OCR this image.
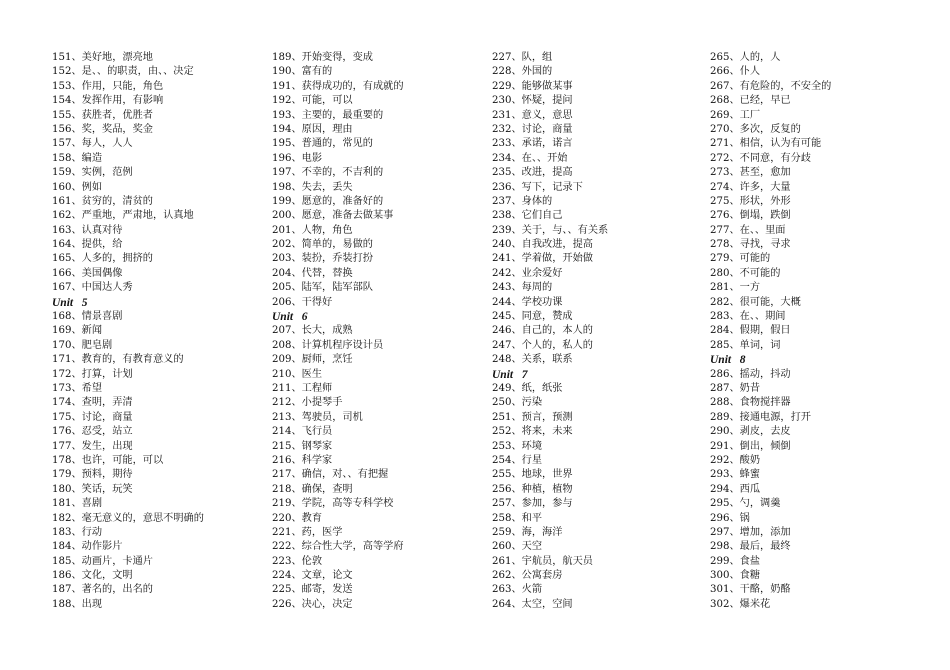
151、美好地，漂亮地
152、是、、的职责，由、、决定
153、作用，只能，角色
154、发挥作用，有影响
155、获胜者，优胜者
156、奖，奖品，奖金
157、每人，人人
158、编造
159、实例，范例
160、例如
161、贫穷的，清贫的
162、严重地，严肃地，认真地
163、认真对待
164、提供，给
165、人多的，拥挤的
166、美国偶像
167、中国达人秀
Unit   5
168、情景喜剧
169、新闻
170、肥皂剧
171、教育的，有教育意义的
172、打算，计划
173、希望
174、查明，弄清
175、讨论，商量
176、忍受，站立
177、发生，出现
178、也许，可能，可以
179、预料，期待
180、笑话，玩笑
181、喜剧
182、毫无意义的，意思不明确的
183、行动
184、动作影片
185、动画片，卡通片
186、文化，文明
187、著名的，出名的
188、出现
189、开始变得，变成
190、富有的
191、获得成功的，有成就的
192、可能，可以
193、主要的，最重要的
194、原因，理由
195、普通的，常见的
196、电影
197、不幸的，不吉利的
198、失去，丢失
199、愿意的，准备好的
200、愿意，准备去做某事
201、人物，角色
202、简单的，易做的
203、装扮，乔装打扮
204、代替，替换
205、陆军，陆军部队
206、干得好
Unit   6
207、长大，成熟
208、计算机程序设计员
209、厨师，烹饪
210、医生
211、工程师
212、小提琴手
213、驾驶员，司机
214、飞行员
215、钢琴家
216、科学家
217、确信，对、、有把握
218、确保，查明
219、学院，高等专科学校
220、教育
221、药，医学
222、综合性大学，高等学府
223、伦敦
224、文章，论文
225、邮寄，发送
226、决心，决定
227、队，组
228、外国的
229、能够做某事
230、怀疑，提问
231、意义，意思
232、讨论，商量
233、承诺，诺言
234、在、、开始
235、改进，提高
236、写下，记录下
237、身体的
238、它们自己
239、关于，与、、有关系
240、自我改进，提高
241、学着做，开始做
242、业余爱好
243、每周的
244、学校功课
245、同意，赞成
246、自己的，本人的
247、个人的，私人的
248、关系，联系
Unit   7
249、纸，纸张
250、污染
251、预言，预测
252、将来，未来
253、环境
254、行星
255、地球，世界
256、种植，植物
257、参加，参与
258、和平
259、海，海洋
260、天空
261、宇航员，航天员
262、公寓套房
263、火箭
264、太空，空间
265、人的，人
266、仆人
267、有危险的，不安全的
268、已经，早已
269、工厂
270、多次，反复的
271、相信，认为有可能
272、不同意，有分歧
273、甚至，愈加
274、许多，大量
275、形状，外形
276、倒塌，跌倒
277、在、、里面
278、寻找，寻求
279、可能的
280、不可能的
281、一方
282、很可能，大概
283、在、、期间
284、假期，假日
285、单词，词
Unit   8
286、摇动，抖动
287、奶昔
288、食物搅拌器
289、接通电源，打开
290、剥皮，去皮
291、倒出，倾倒
292、酸奶
293、蜂蜜
294、西瓜
295、勺，调羹
296、锅
297、增加，添加
298、最后，最终
299、食盐
300、食糖
301、干酪，奶酪
302、爆米花
